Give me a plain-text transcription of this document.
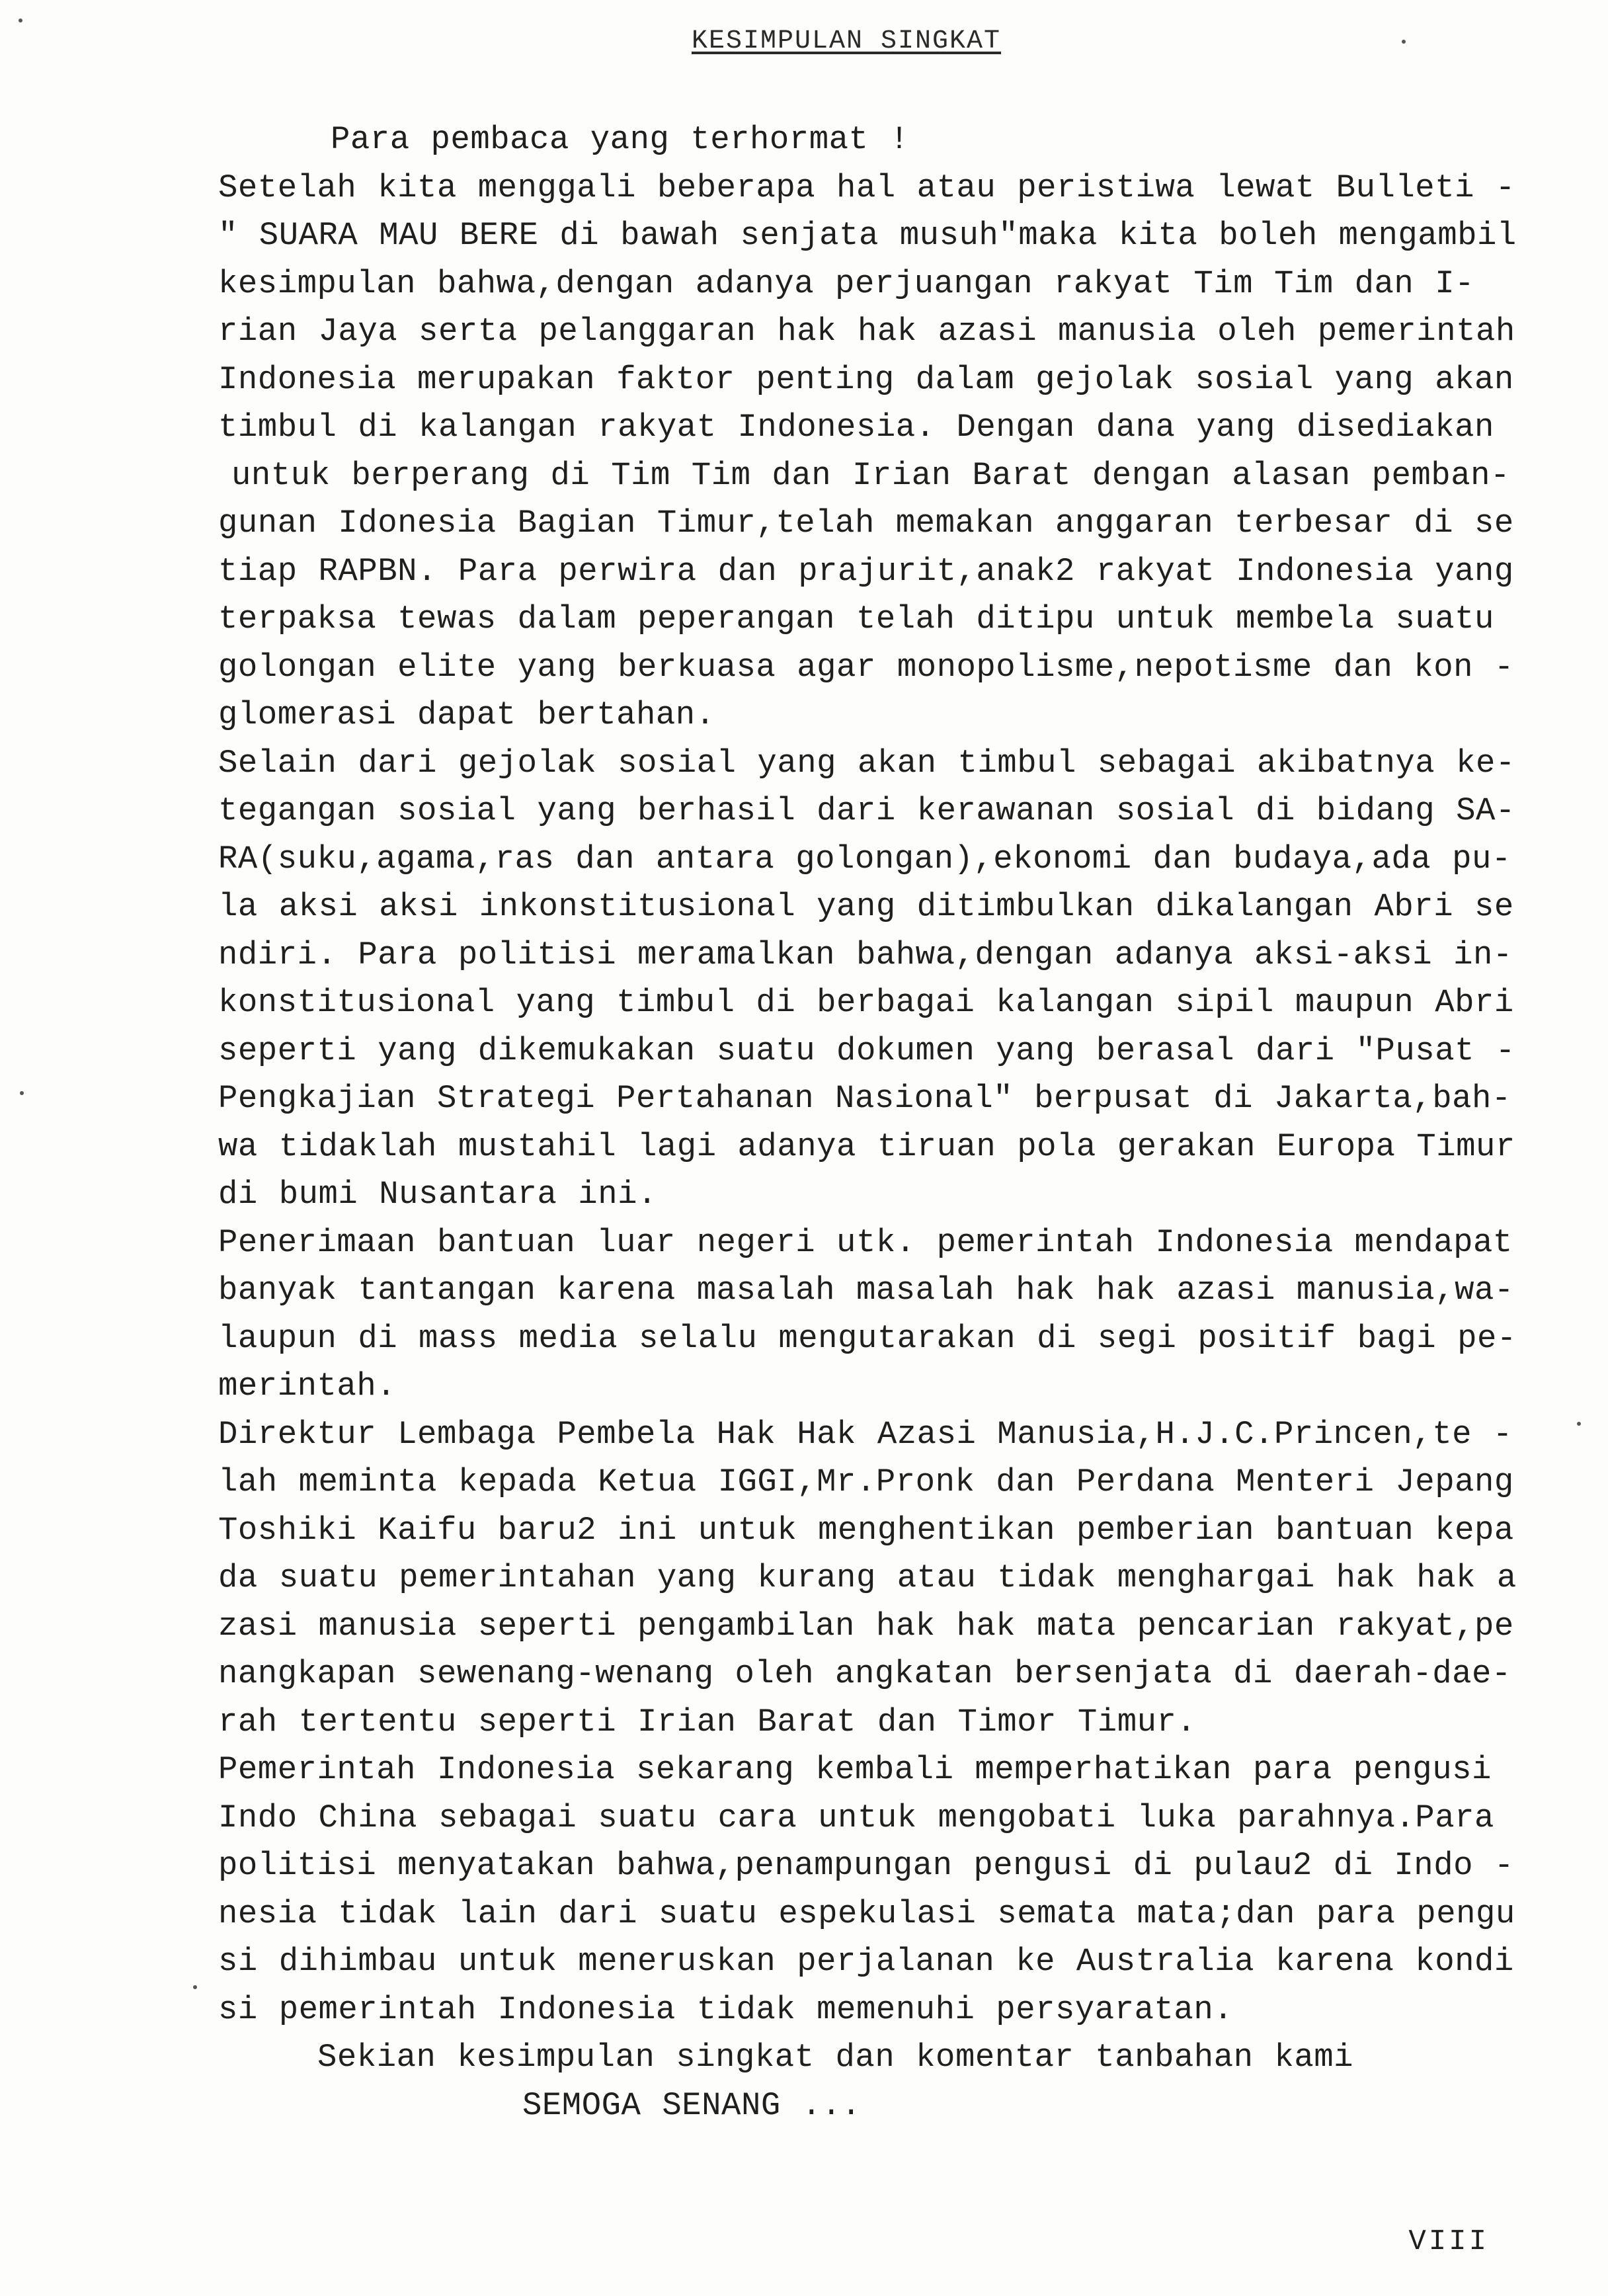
KESIMPULAN SINGKAT
Para pembaca yang terhormat !
Setelah kita menggali beberapa hal atau peristiwa lewat Bulleti -
" SUARA MAU BERE di bawah senjata musuh"maka kita boleh mengambil
kesimpulan bahwa,dengan adanya perjuangan rakyat Tim Tim dan I-
rian Jaya serta pelanggaran hak hak azasi manusia oleh pemerintah
Indonesia merupakan faktor penting dalam gejolak sosial yang akan
timbul di kalangan rakyat Indonesia. Dengan dana yang disediakan
untuk berperang di Tim Tim dan Irian Barat dengan alasan pemban-
gunan Idonesia Bagian Timur,telah memakan anggaran terbesar di se
tiap RAPBN. Para perwira dan prajurit,anak2 rakyat Indonesia yang
terpaksa tewas dalam peperangan telah ditipu untuk membela suatu
golongan elite yang berkuasa agar monopolisme,nepotisme dan kon -
glomerasi dapat bertahan.
Selain dari gejolak sosial yang akan timbul sebagai akibatnya ke-
tegangan sosial yang berhasil dari kerawanan sosial di bidang SA-
RA(suku,agama,ras dan antara golongan),ekonomi dan budaya,ada pu-
la aksi aksi inkonstitusional yang ditimbulkan dikalangan Abri se
ndiri. Para politisi meramalkan bahwa,dengan adanya aksi-aksi in-
konstitusional yang timbul di berbagai kalangan sipil maupun Abri
seperti yang dikemukakan suatu dokumen yang berasal dari "Pusat -
Pengkajian Strategi Pertahanan Nasional" berpusat di Jakarta,bah-
wa tidaklah mustahil lagi adanya tiruan pola gerakan Europa Timur
di bumi Nusantara ini.
Penerimaan bantuan luar negeri utk. pemerintah Indonesia mendapat
banyak tantangan karena masalah masalah hak hak azasi manusia,wa-
laupun di mass media selalu mengutarakan di segi positif bagi pe-
merintah.
Direktur Lembaga Pembela Hak Hak Azasi Manusia,H.J.C.Princen,te -
lah meminta kepada Ketua IGGI,Mr.Pronk dan Perdana Menteri Jepang
Toshiki Kaifu baru2 ini untuk menghentikan pemberian bantuan kepa
da suatu pemerintahan yang kurang atau tidak menghargai hak hak a
zasi manusia seperti pengambilan hak hak mata pencarian rakyat,pe
nangkapan sewenang-wenang oleh angkatan bersenjata di daerah-dae-
rah tertentu seperti Irian Barat dan Timor Timur.
Pemerintah Indonesia sekarang kembali memperhatikan para pengusi
Indo China sebagai suatu cara untuk mengobati luka parahnya.Para
politisi menyatakan bahwa,penampungan pengusi di pulau2 di Indo -
nesia tidak lain dari suatu espekulasi semata mata;dan para pengu
si dihimbau untuk meneruskan perjalanan ke Australia karena kondi
si pemerintah Indonesia tidak memenuhi persyaratan.
Sekian kesimpulan singkat dan komentar tanbahan kami
SEMOGA SENANG ...
VIII
